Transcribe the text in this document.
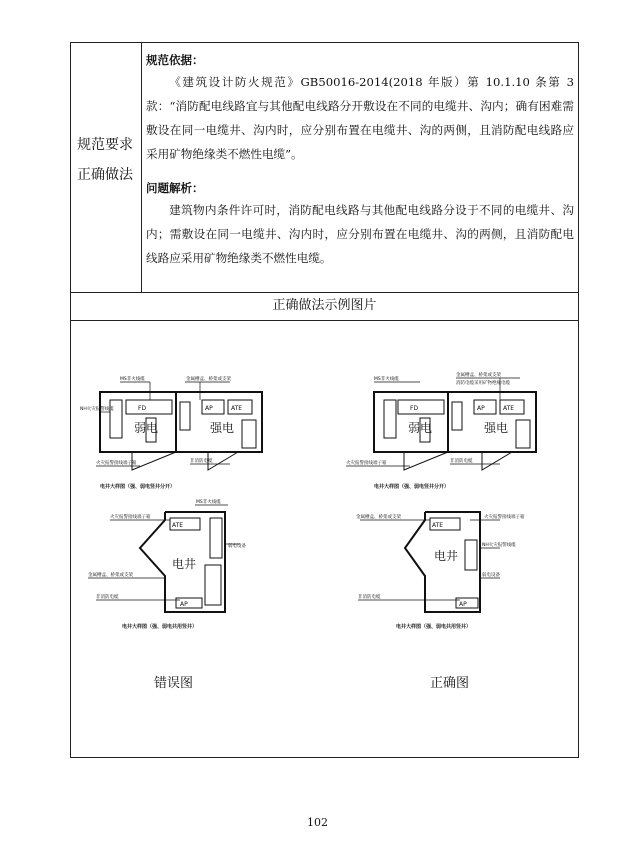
规范要求
正确做法

规范依据：

《建筑设计防火规范》GB50016-2014(2018 年版）第 10.1.10 条第 3 款：“消防配电线路宜与其他配电线路分开敷设在不同的电缆井、沟内；确有困难需敷设在同一电缆井、沟内时，应分别布置在电缆井、沟的两侧，且消防配电线路应采用矿物绝缘类不燃性电缆”。

问题解析：

建筑物内条件许可时，消防配电线路与其他配电线路分设于不同的电缆井、沟内；需敷设在同一电缆井、沟内时，应分别布置在电缆井、沟的两侧，且消防配电线路应采用矿物绝缘类不燃性电缆。

正确做法示例图片
弱电	强电	弱电	强电
电井
电井
FD	AP	ATE	FD	AP	ATE
ATE
AP
ATE
AP
MS非火线缆
NH火灾报警线缆
金属槽盒、桥架或支架
火灾报警接线端子箱	非消防电缆
MS非火线缆
金属槽盒、桥架或支架
消防电缆采用矿物绝缘电缆
火灾报警接线端子箱	非消防电缆
火灾报警接线端子箱
MS非火线缆
弱电设备
金属槽盒、桥架或支架
非消防电缆
金属槽盒、桥架或支架	火灾报警接线端子箱
NH火灾报警线缆
弱电设备
非消防电缆
电井大样图（强、弱电竖井分开）
电井大样图（强、弱电共用竖井）
电井大样图（强、弱电竖井分开）
电井大样图（强、弱电共用竖井）
错误图	正确图
102
